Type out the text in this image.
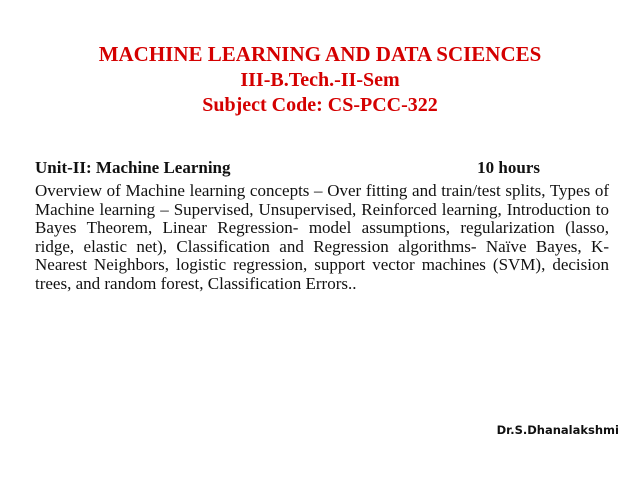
MACHINE LEARNING AND DATA SCIENCES
III-B.Tech.-II-Sem
Subject Code: CS-PCC-322
Unit-II: Machine Learning	10 hours
Overview of Machine learning concepts – Over fitting and train/test splits, Types of Machine learning – Supervised, Unsupervised, Reinforced learning, Introduction to Bayes Theorem, Linear Regression- model assumptions, regularization (lasso, ridge, elastic net), Classification and Regression algorithms- Naïve Bayes, K-Nearest Neighbors, logistic regression, support vector machines (SVM), decision trees, and random forest, Classification Errors..
Dr.S.Dhanalakshmi
